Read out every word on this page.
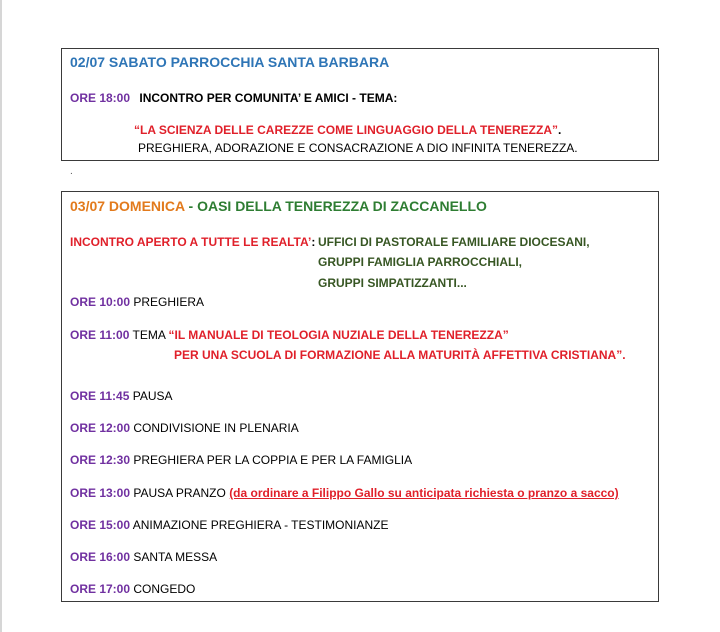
02/07 SABATO PARROCCHIA SANTA BARBARA
ORE 18:00 INCONTRO PER COMUNITA’ E AMICI - TEMA:
“LA SCIENZA DELLE CAREZZE COME LINGUAGGIO DELLA TENEREZZA”.
PREGHIERA, ADORAZIONE E CONSACRAZIONE A DIO INFINITA TENEREZZA.
.
03/07 DOMENICA - OASI DELLA TENEREZZA DI ZACCANELLO
INCONTRO APERTO A TUTTE LE REALTA’: UFFICI DI PASTORALE FAMILIARE DIOCESANI,
GRUPPI FAMIGLIA PARROCCHIALI,
GRUPPI SIMPATIZZANTI...
ORE 10:00 PREGHIERA
ORE 11:00 TEMA “IL MANUALE DI TEOLOGIA NUZIALE DELLA TENEREZZA”
PER UNA SCUOLA DI FORMAZIONE ALLA MATURITÀ AFFETTIVA CRISTIANA”.
ORE 11:45 PAUSA
ORE 12:00 CONDIVISIONE IN PLENARIA
ORE 12:30 PREGHIERA PER LA COPPIA E PER LA FAMIGLIA
ORE 13:00 PAUSA PRANZO (da ordinare a Filippo Gallo su anticipata richiesta o pranzo a sacco)
ORE 15:00 ANIMAZIONE PREGHIERA - TESTIMONIANZE
ORE 16:00 SANTA MESSA
ORE 17:00 CONGEDO
